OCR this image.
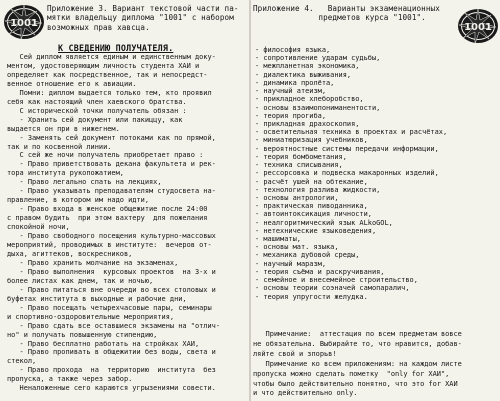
1001
Приложение 3. Вариант текстовой части па-
мятки владельцу диплома "1001" с набором
возможных прав хавсца.
К СВЕДЕНИЮ ПОЛУЧАТЕЛЯ.

Сей диплом является единым и единственным доку-

ментом, удостоверяющим личность студента ХАИ и

определяет как посредственное, так и непосредст-

венное отношение его к авиации.

Помни: диплом выдается только тем, кто проявил

себя как настоящий член хаевского братства.

С исторической точки получатель обязан :

- Хранить сей документ или пакиццу, как

выдается он при в нижегнем.

- Заменять сей документ потоками как по прямой,

так и по косвенной линии.

С сей же ночи получатель приобретает право :

- Право приветствовать декана факультета и рек-

тора института рукопожатием,

- Право легально спать на лекциях,

- Право указывать преподавателям студосвета на-

правление, в котором им надо идти,

- Право входа в женское общежитие после 24:00

с правом будить  при этом вахтеру  для пожелания

спокойной ночи,

- Право свободного посещения культурно-массовых

мероприятий, проводимых в институте:  вечеров от-

дыха, агиттеков, воскресников,

- Право хранить молчание на экзаменах,

- Право выполнения  курсовых проектов  на 3-х и

более листах как днем, так и ночью,

- Право питаться вне очереди во всех столовых и

буфетах института в выходные и рабочие дни,

- Право посещать четырехчасовые пары, семинары

и спортивно-оздоровительные мероприятия,

- Право сдать все оставшиеся экзамены на "отлич-

но" и получать повышенную стипендию,

- Право бесплатно работать на стройках ХАИ,

- Право пропивать в общежитии без воды, света и

стекол,

- Право прохода  на  территорию  института  без

пропуска, а также через забор.

Неналоженные сего караются угрызениями совести.

Приложение 4.   Варианты экзаменационных
предметов курса "1001".
1001
- философия языка,
- сопротивление ударам судьбы,
- межпланетная экономика,
- диалектика выживания,
- динамика пролёта,
- научный атеизм,
- прикладное хлеборобство,
- основы взаимопониманентости,
- теория прогиба,
- прикладная драхоскопия,
- осветительная техника в проектах и расчётах,
- миниатюризация учебников,
- вероятностные системы передачи информации,
- теория бомбометания,
- техника списывания,
- рессорсовка и подвеска макаронных изделий,
- расчёт ушей на обтекание,
- технология разлива жидкости,
- основы антрологии,
- практическая пиводанника,
- автоинтоксикация личности,
- неалгоритмический язык ALkoGOL,
- нетехнические языковедения,
- машиматы,
- основы мат. языка,
- механика дубовой среды,
- научный маразм,
- теория съёма и раскручивания,
- семейное и внесемейное строительство,
- основы теории соэначей самопаралич,
- теория упругости желудка.

Примечание:  аттестация по всем предметам вовсе

не обязательна. Выбирайте то, что нравится, добав-

ляйте свой и зпорьв!

Примечание ко всем приложениям: на каждом листе

пропуска можно сделать пометку  "only for XAИ",

чтобы было действительно понятно, что это for ХАИ

и что действительно only.
